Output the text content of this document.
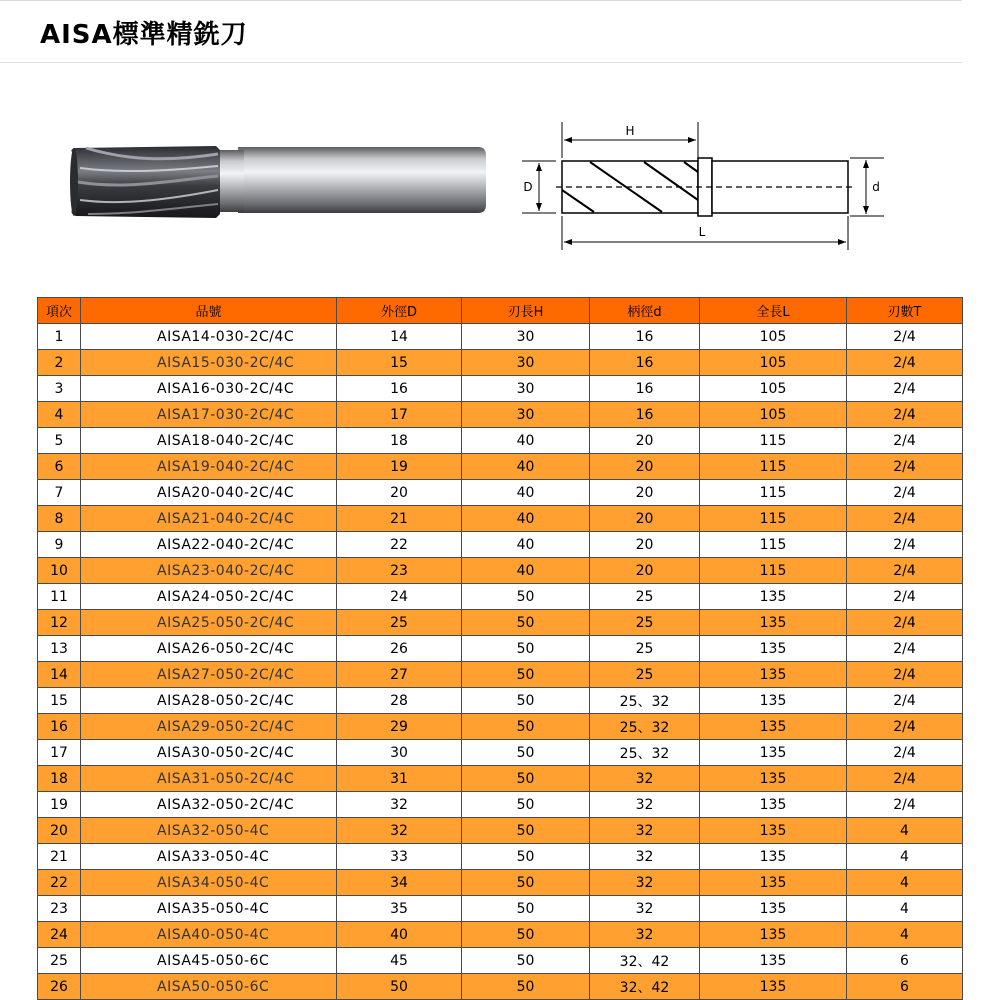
AISA標準精銑刀
H
D	d
L
項次	品號	外徑D	刃長H	柄徑d	全長L	刃數T
1	AISA14-030-2C/4C	14	30	16	105	2/4
2	AISA15-030-2C/4C	15	30	16	105	2/4
3	AISA16-030-2C/4C	16	30	16	105	2/4
4	AISA17-030-2C/4C	17	30	16	105	2/4
5	AISA18-040-2C/4C	18	40	20	115	2/4
6	AISA19-040-2C/4C	19	40	20	115	2/4
7	AISA20-040-2C/4C	20	40	20	115	2/4
8	AISA21-040-2C/4C	21	40	20	115	2/4
9	AISA22-040-2C/4C	22	40	20	115	2/4
10	AISA23-040-2C/4C	23	40	20	115	2/4
11	AISA24-050-2C/4C	24	50	25	135	2/4
12	AISA25-050-2C/4C	25	50	25	135	2/4
13	AISA26-050-2C/4C	26	50	25	135	2/4
14	AISA27-050-2C/4C	27	50	25	135	2/4
15	AISA28-050-2C/4C	28	50	25、32	135	2/4
16	AISA29-050-2C/4C	29	50	25、32	135	2/4
17	AISA30-050-2C/4C	30	50	25、32	135	2/4
18	AISA31-050-2C/4C	31	50	32	135	2/4
19	AISA32-050-2C/4C	32	50	32	135	2/4
20	AISA32-050-4C	32	50	32	135	4
21	AISA33-050-4C	33	50	32	135	4
22	AISA34-050-4C	34	50	32	135	4
23	AISA35-050-4C	35	50	32	135	4
24	AISA40-050-4C	40	50	32	135	4
25	AISA45-050-6C	45	50	32、42	135	6
26	AISA50-050-6C	50	50	32、42	135	6
